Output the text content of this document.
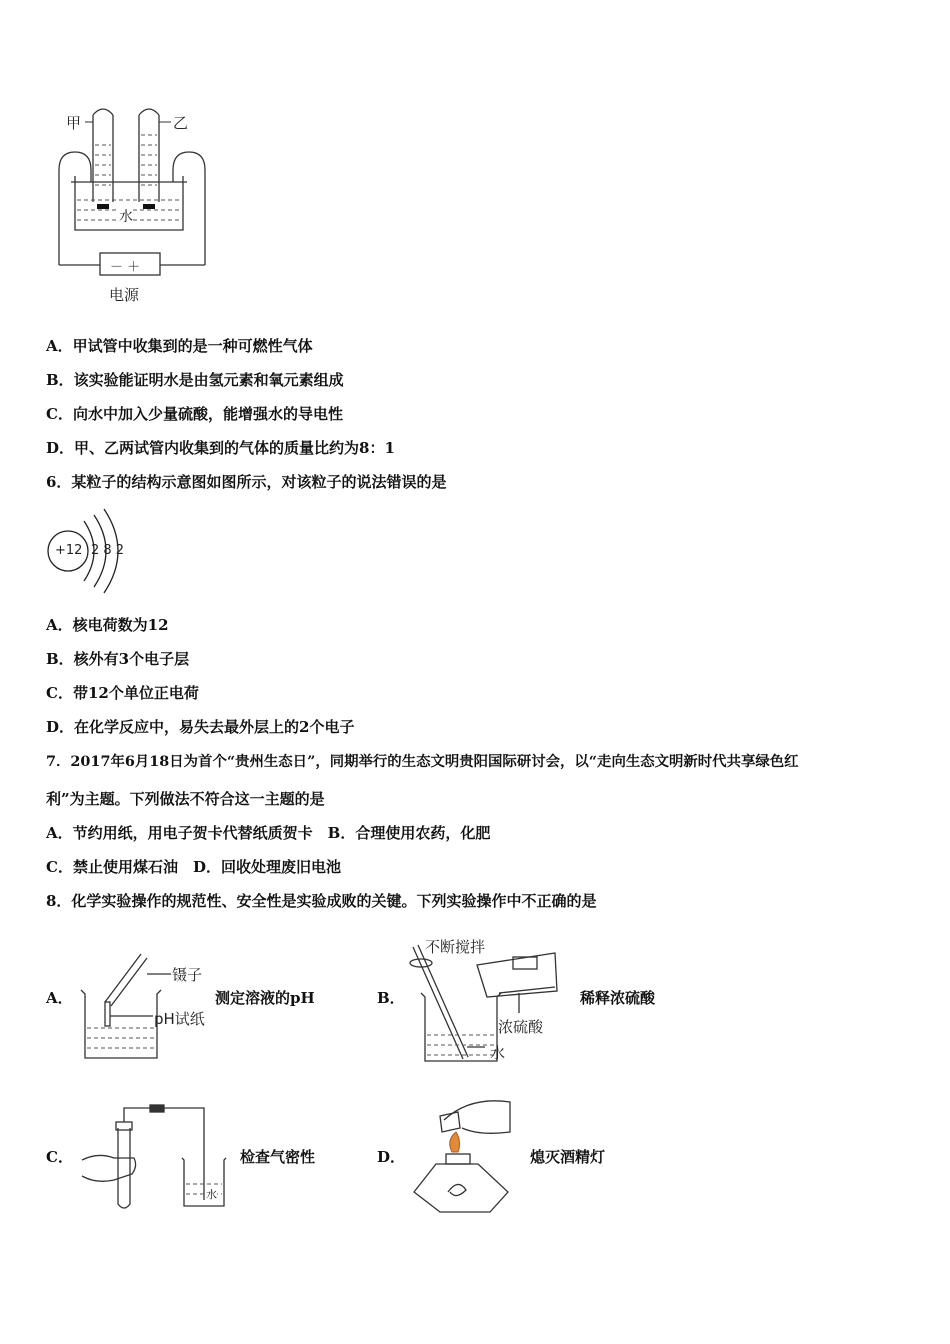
甲	乙
水
－ ＋
电源
A．甲试管中收集到的是一种可燃性气体
B．该实验能证明水是由氢元素和氧元素组成
C．向水中加入少量硫酸，能增强水的导电性
D．甲、乙两试管内收集到的气体的质量比约为8：1
6．某粒子的结构示意图如图所示，对该粒子的说法错误的是
+12 2 8 2
A．核电荷数为12
B．核外有3个电子层
C．带12个单位正电荷
D．在化学反应中，易失去最外层上的2个电子
7．2017年6月18日为首个“贵州生态日”，同期举行的生态文明贵阳国际研讨会，以“走向生态文明新时代共享绿色红
利”为主题。下列做法不符合这一主题的是
A．节约用纸，用电子贺卡代替纸质贺卡　B．合理使用农药，化肥
C．禁止使用煤石油　D．回收处理废旧电池
8．化学实验操作的规范性、安全性是实验成败的关键。下列实验操作中不正确的是
A．
镊子
pH试纸
测定溶液的pH	B．
不断搅拌
浓硫酸
水
稀释浓硫酸
C．
水
检查气密性	D．	熄灭酒精灯
